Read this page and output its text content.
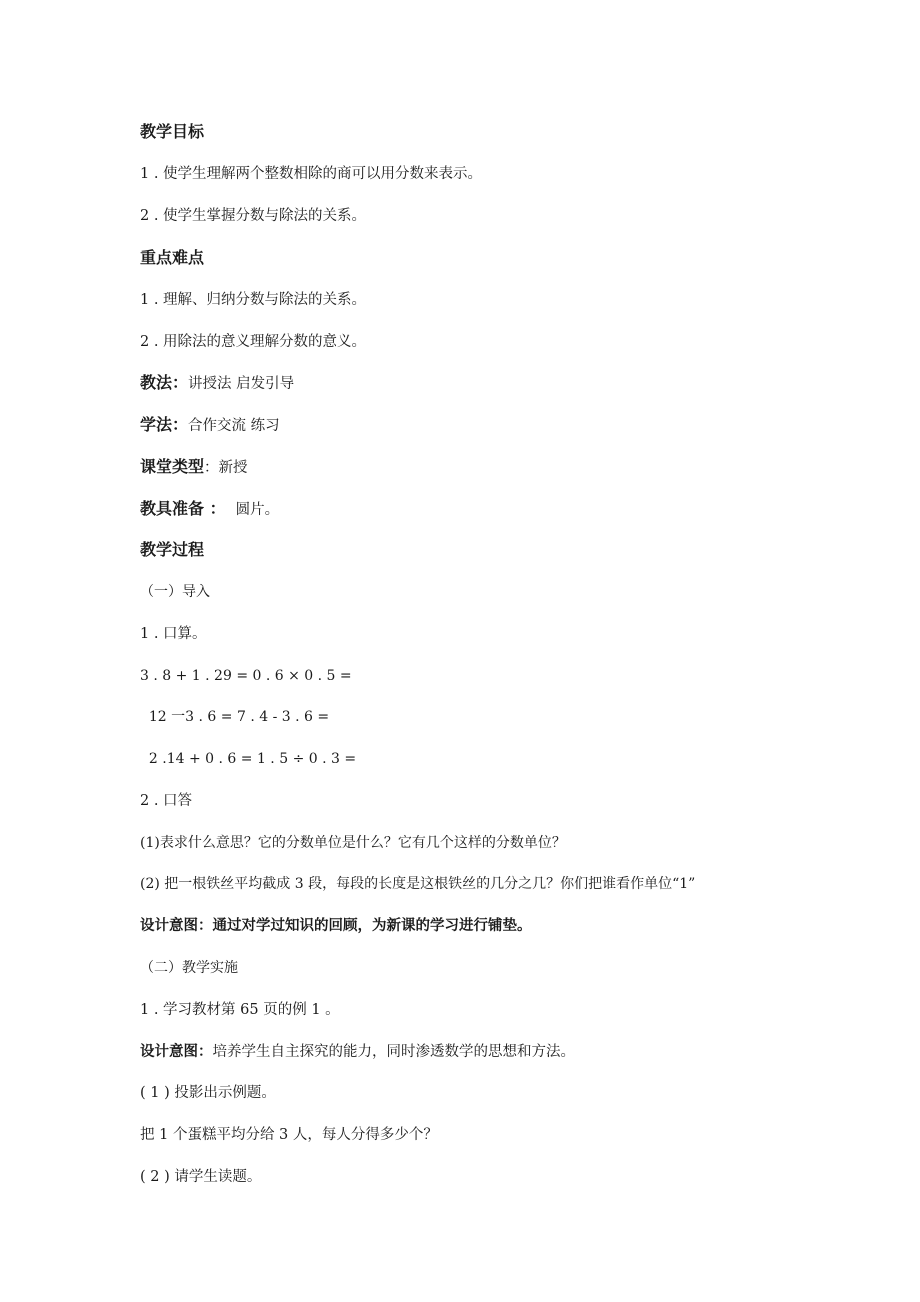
教学目标
1 . 使学生理解两个整数相除的商可以用分数来表示。
2 . 使学生掌握分数与除法的关系。
重点难点
1 . 理解、归纳分数与除法的关系。
2 . 用除法的意义理解分数的意义。
教法：讲授法 启发引导
学法：合作交流 练习
课堂类型：新授
教具准备 ： 圆片。
教学过程
（一）导入
1 . 口算。
3 . 8 + 1 . 29 = 0 . 6 × 0 . 5 =
12 一3 . 6 = 7 . 4 - 3 . 6 =
2 .14 + 0 . 6 = 1 . 5 ÷ 0 . 3 =
2 . 口答
(1)表求什么意思？它的分数单位是什么？它有几个这样的分数单位？
(2) 把一根铁丝平均截成 3 段，每段的长度是这根铁丝的几分之几？你们把谁看作单位“1”
设计意图：通过对学过知识的回顾，为新课的学习进行铺垫。
（二）教学实施
1 . 学习教材第 65 页的例 1 。
设计意图：培养学生自主探究的能力，同时渗透数学的思想和方法。
( 1 ) 投影出示例题。
把 1 个蛋糕平均分给 3 人，每人分得多少个？
( 2 ) 请学生读题。
